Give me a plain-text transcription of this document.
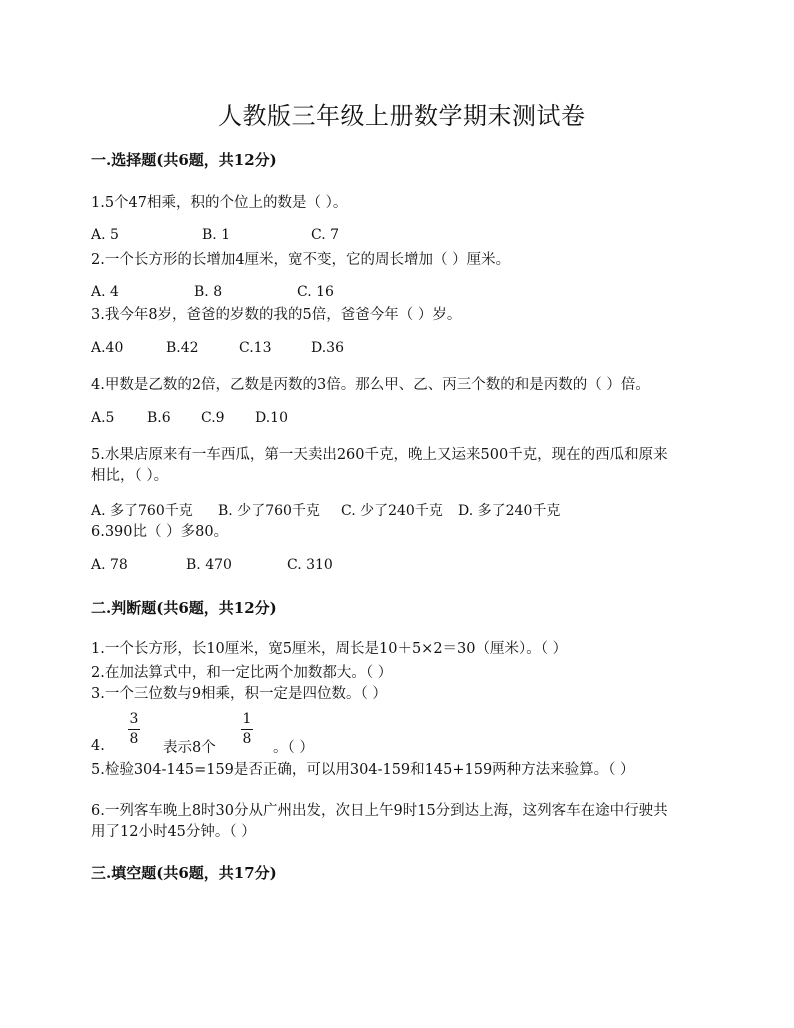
人教版三年级上册数学期末测试卷
一.选择题(共6题，共12分)
1.5个47相乘，积的个位上的数是（ ）。
A. 5	B. 1	C. 7
2.一个长方形的长增加4厘米，宽不变，它的周长增加（ ）厘米。
A. 4	B. 8	C. 16
3.我今年8岁，爸爸的岁数的我的5倍，爸爸今年（ ）岁。
A.40	B.42	C.13	D.36
4.甲数是乙数的2倍，乙数是丙数的3倍。那么甲、乙、丙三个数的和是丙数的（ ）倍。
A.5 B.6 C.9 D.10
5.水果店原来有一车西瓜，第一天卖出260千克，晚上又运来500千克，现在的西瓜和原来
相比，（ ）。
A. 多了760千克 B. 少了760千克 C. 少了240千克 D. 多了240千克
6.390比（ ）多80。
A. 78	B. 470	C. 310
二.判断题(共6题，共12分)
1.一个长方形，长10厘米，宽5厘米，周长是10＋5×2＝30（厘米）。（ ）
2.在加法算式中，和一定比两个加数都大。（ ）
3.一个三位数与9相乘，积一定是四位数。（ ）
3
8
1
8
4.	表示8个	。（ ）
5.检验304-145=159是否正确，可以用304-159和145+159两种方法来验算。（ ）
6.一列客车晚上8时30分从广州出发，次日上午9时15分到达上海，这列客车在途中行驶共
用了12小时45分钟。（ ）
三.填空题(共6题，共17分)
